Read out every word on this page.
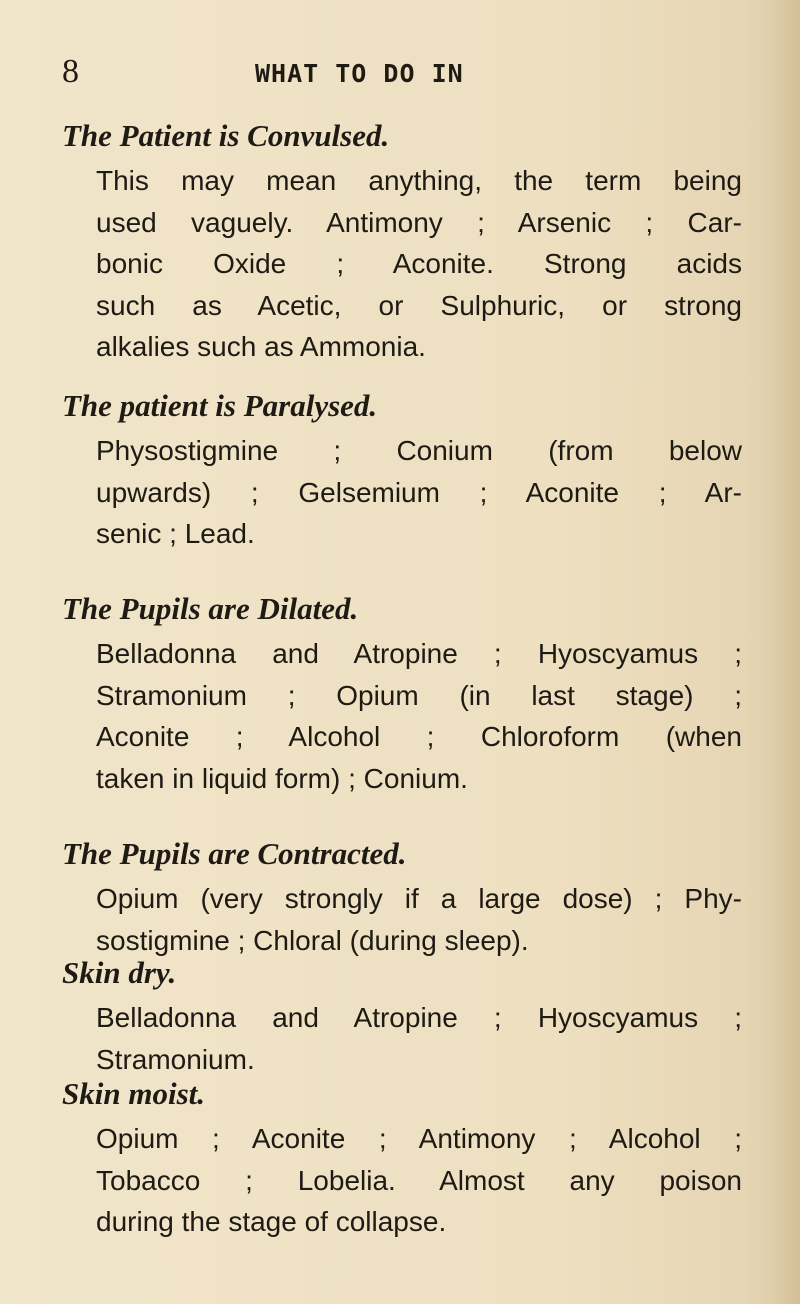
8	WHAT TO DO IN

The Patient is Convulsed.

This may mean anything, the term being
used vaguely. Antimony ; Arsenic ; Car-
bonic Oxide ; Aconite. Strong acids
such as Acetic, or Sulphuric, or strong
alkalies such as Ammonia.

The patient is Paralysed.

Physostigmine ; Conium (from below
upwards) ; Gelsemium ; Aconite ; Ar-
senic ; Lead.

The Pupils are Dilated.

Belladonna and Atropine ; Hyoscyamus ;
Stramonium ; Opium (in last stage) ;
Aconite ; Alcohol ; Chloroform (when
taken in liquid form) ; Conium.

The Pupils are Contracted.

Opium (very strongly if a large dose) ; Phy-
sostigmine ; Chloral (during sleep).

Skin dry.

Belladonna and Atropine ; Hyoscyamus ;
Stramonium.

Skin moist.

Opium ; Aconite ; Antimony ; Alcohol ;
Tobacco ; Lobelia. Almost any poison
during the stage of collapse.
